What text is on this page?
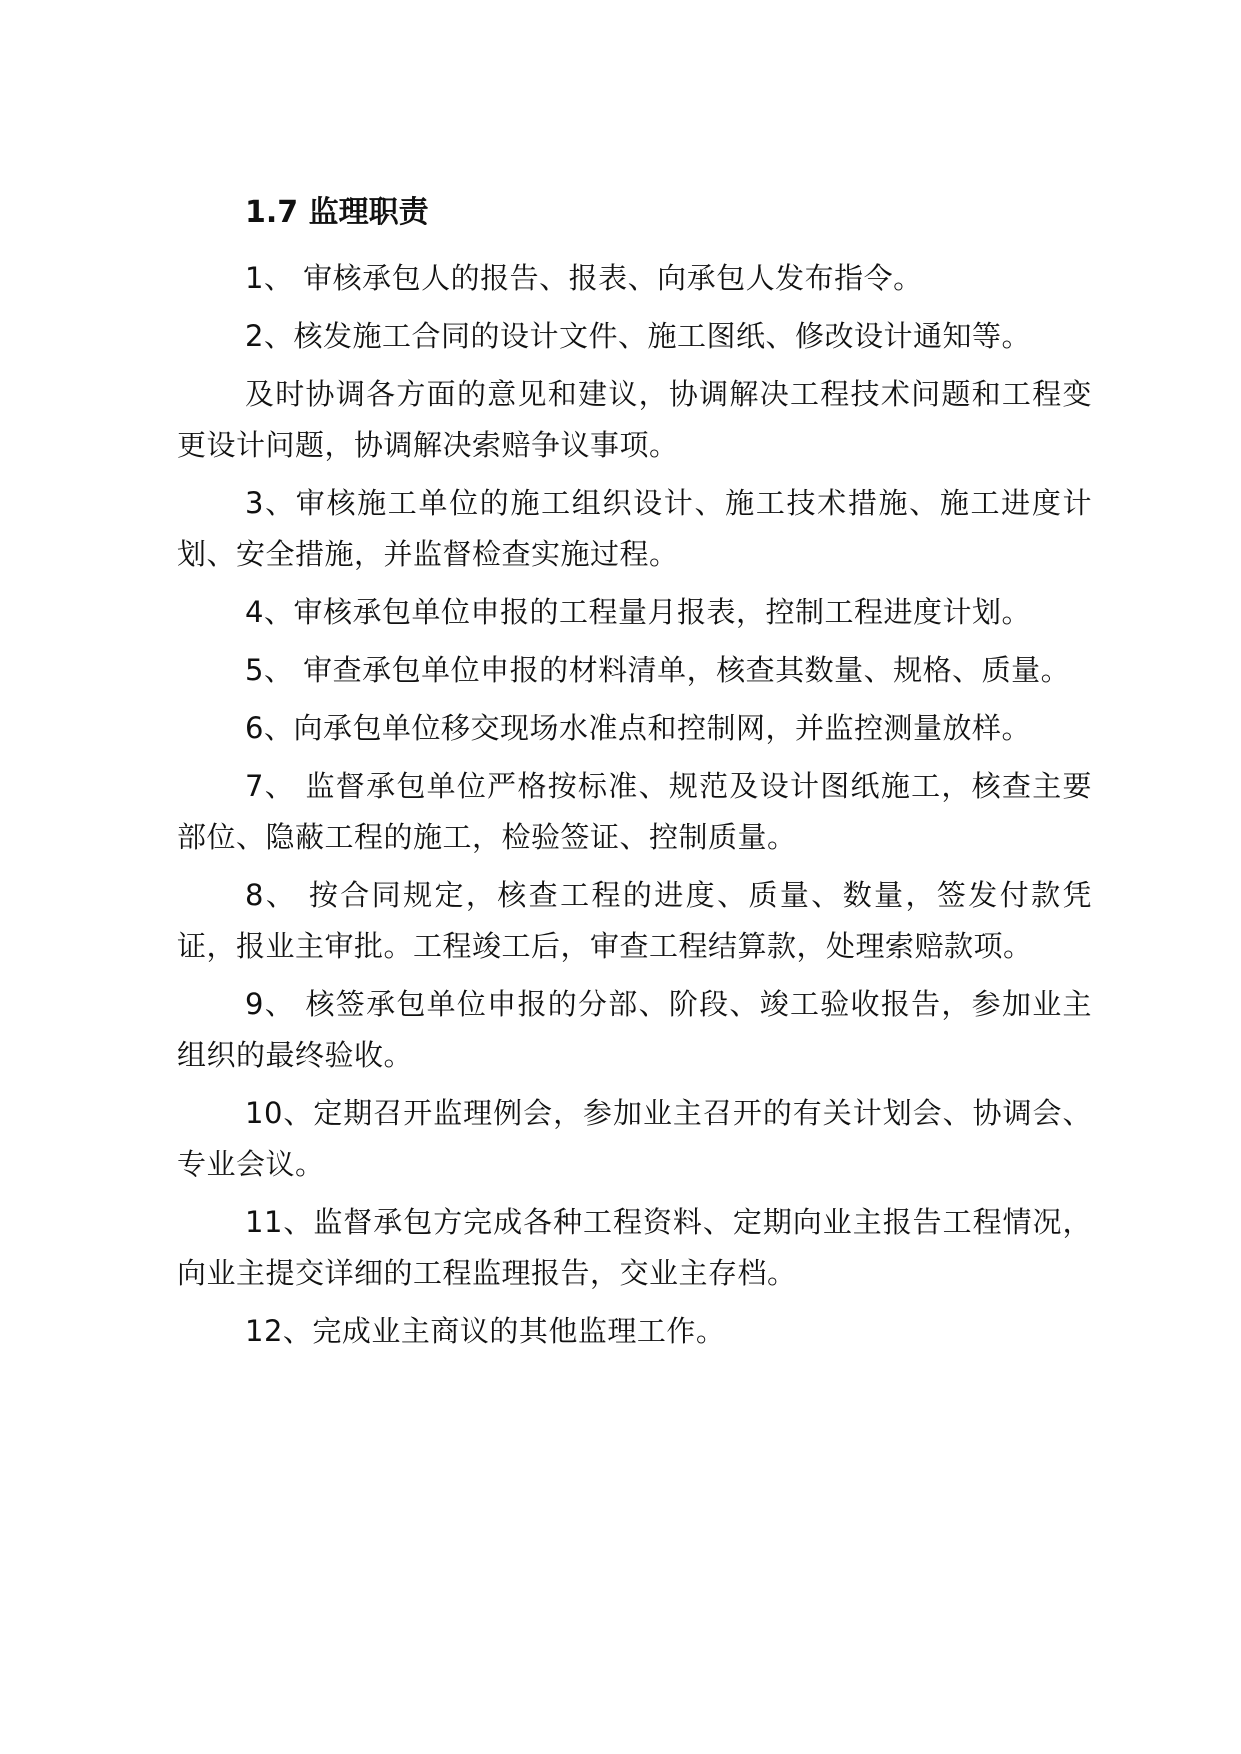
1.7 监理职责

1、 审核承包人的报告、报表、向承包人发布指令。

2、核发施工合同的设计文件、施工图纸、修改设计通知等。

及时协调各方面的意见和建议，协调解决工程技术问题和工程变更设计问题，协调解决索赔争议事项。

3、审核施工单位的施工组织设计、施工技术措施、施工进度计划、安全措施，并监督检查实施过程。

4、审核承包单位申报的工程量月报表，控制工程进度计划。

5、 审查承包单位申报的材料清单，核查其数量、规格、质量。

6、向承包单位移交现场水准点和控制网，并监控测量放样。

7、 监督承包单位严格按标准、规范及设计图纸施工，核查主要部位、隐蔽工程的施工，检验签证、控制质量。

8、 按合同规定，核查工程的进度、质量、数量，签发付款凭证，报业主审批。工程竣工后，审查工程结算款，处理索赔款项。

9、 核签承包单位申报的分部、阶段、竣工验收报告，参加业主组织的最终验收。

10、定期召开监理例会，参加业主召开的有关计划会、协调会、专业会议。

11、监督承包方完成各种工程资料、定期向业主报告工程情况，向业主提交详细的工程监理报告，交业主存档。

12、完成业主商议的其他监理工作。
